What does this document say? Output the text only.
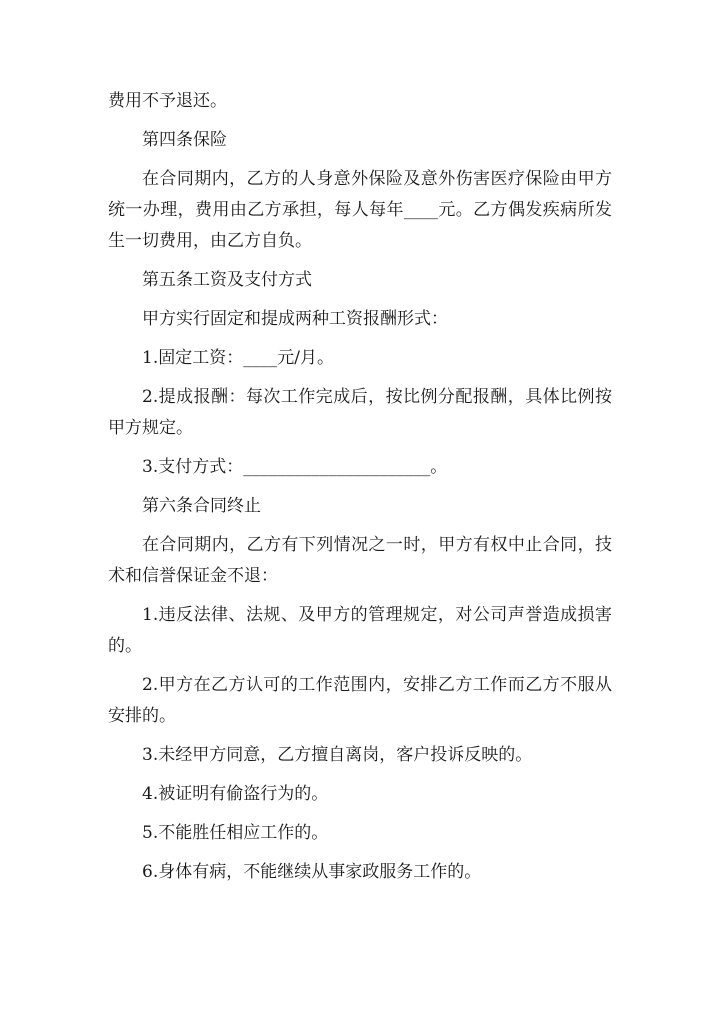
费用不予退还。

第四条保险

在合同期内，乙方的人身意外保险及意外伤害医疗保险由甲方统一办理，费用由乙方承担，每人每年____元。乙方偶发疾病所发生一切费用，由乙方自负。

第五条工资及支付方式

甲方实行固定和提成两种工资报酬形式：

1.固定工资：____元/月。

2.提成报酬：每次工作完成后，按比例分配报酬，具体比例按甲方规定。

3.支付方式：______________________。

第六条合同终止

在合同期内，乙方有下列情况之一时，甲方有权中止合同，技术和信誉保证金不退：

1.违反法律、法规、及甲方的管理规定，对公司声誉造成损害的。

2.甲方在乙方认可的工作范围内，安排乙方工作而乙方不服从安排的。

3.未经甲方同意，乙方擅自离岗，客户投诉反映的。

4.被证明有偷盗行为的。

5.不能胜任相应工作的。

6.身体有病，不能继续从事家政服务工作的。
